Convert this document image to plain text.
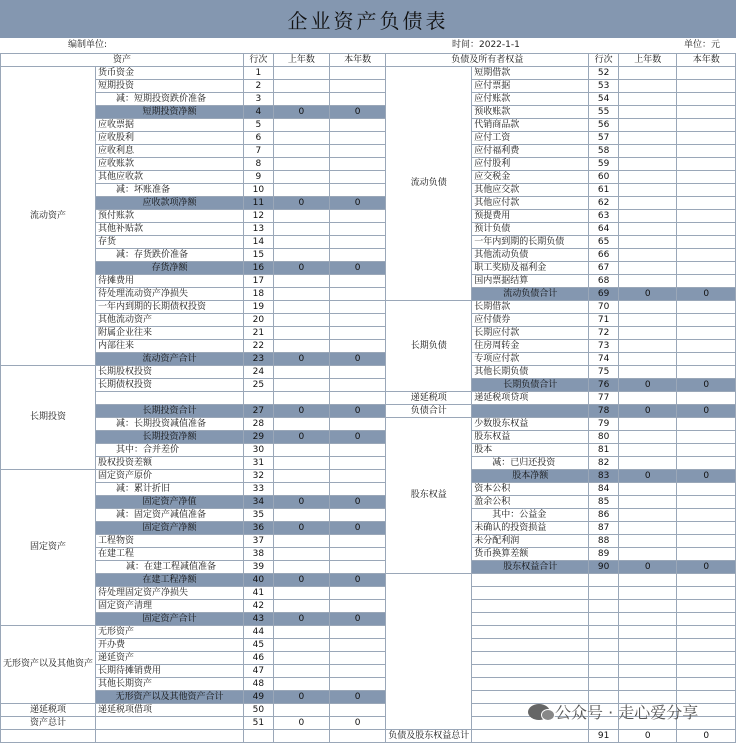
企业资产负债表
编制单位:	时间：2022-1-1	单位：元
资产		行次	上年数	本年数	负债及所有者权益		行次	上年数	本年数
流动资产	货币资金	1			流动负债	短期借款	52		
	短期投资	2				应付票据	53		
	减：短期投资跌价准备	3				应付账款	54		
	短期投资净额	4	0	0		预收账款	55		
	应收票据	5				代销商品款	56		
	应收股利	6				应付工资	57		
	应收利息	7				应付福利费	58		
	应收账款	8				应付股利	59		
	其他应收款	9				应交税金	60		
	减：坏账准备	10				其他应交款	61		
	应收款项净额	11	0	0		其他应付款	62		
	预付账款	12				预提费用	63		
	其他补贴款	13				预计负债	64		
	存货	14				一年内到期的长期负债	65		
	减：存货跌价准备	15				其他流动负债	66		
	存货净额	16	0	0		职工奖励及福利金	67		
	待摊费用	17				国内票据结算	68		
	待处理流动资产净损失	18				流动负债合计	69	0	0
	一年内到期的长期债权投资	19			长期负债	长期借款	70		
	其他流动资产	20				应付债券	71		
	附属企业往来	21				长期应付款	72		
	内部往来	22				住房周转金	73		
	流动资产合计	23	0	0		专项应付款	74		
长期投资	长期股权投资	24				其他长期负债	75		
	长期债权投资	25				长期负债合计	76	0	0
					递延税项	递延税项贷项	77		
	长期投资合计	27	0	0	负债合计		78	0	0
	减：长期投资减值准备	28			股东权益	少数股东权益	79		
	长期投资净额	29	0	0		股东权益	80		
	其中：合并差价	30				股本	81		
	股权投资差额	31				减：已归还投资	82		
固定资产	固定资产原价	32				股本净额	83	0	0
	减：累计折旧	33				资本公积	84		
	固定资产净值	34	0	0		盈余公积	85		
	减：固定资产减值准备	35				其中：公益金	86		
	固定资产净额	36	0	0		未确认的投资损益	87		
	工程物资	37				未分配利润	88		
	在建工程	38				货币换算差额	89		
	减：在建工程减值准备	39				股东权益合计	90	0	0
	在建工程净额	40	0	0					
	待处理固定资产净损失	41							
	固定资产清理	42							
	固定资产合计	43	0	0					
无形资产以及其他资产	无形资产	44							
	开办费	45							
	递延资产	46							
	长期待摊销费用	47							
	其他长期资产	48							
	无形资产以及其他资产合计	49	0	0					
递延税项	递延税项借项	50							
资产总计		51	0	0					
					负债及股东权益总计		91	0	0
公众号 · 走心爱分享
